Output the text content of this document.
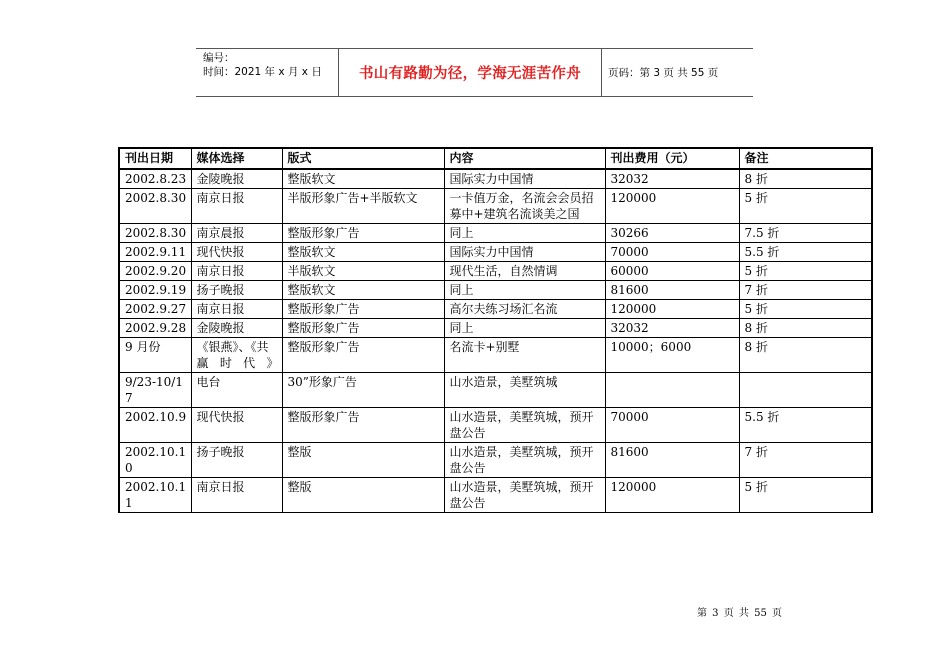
编号：
时间：2021 年 x 月 x 日	书山有路勤为径，学海无涯苦作舟	页码：第 3 页 共 55 页
刊出日期	媒体选择	版式	内容	刊出费用（元）	备注
2002.8.23	金陵晚报	整版软文	国际实力中国情	32032	8 折
2002.8.30	南京日报	半版形象广告+半版软文	一卡值万金，名流会会员招募中+建筑名流谈美之国	120000	5 折
2002.8.30	南京晨报	整版形象广告	同上	30266	7.5 折
2002.9.11	现代快报	整版软文	国际实力中国情	70000	5.5 折
2002.9.20	南京日报	半版软文	现代生活，自然情调	60000	5 折
2002.9.19	扬子晚报	整版软文	同上	81600	7 折
2002.9.27	南京日报	整版形象广告	高尔夫练习场汇名流	120000	5 折
2002.9.28	金陵晚报	整版形象广告	同上	32032	8 折
9 月份	《银燕》、《共赢时代》	整版形象广告	名流卡+别墅	10000；6000	8 折
9/23-10/17	电台	30”形象广告	山水造景，美墅筑城		
2002.10.9	现代快报	整版形象广告	山水造景，美墅筑城，预开盘公告	70000	5.5 折
2002.10.10	扬子晚报	整版	山水造景，美墅筑城，预开盘公告	81600	7 折
2002.10.11	南京日报	整版	山水造景，美墅筑城，预开盘公告	120000	5 折
第 3 页 共 55 页
